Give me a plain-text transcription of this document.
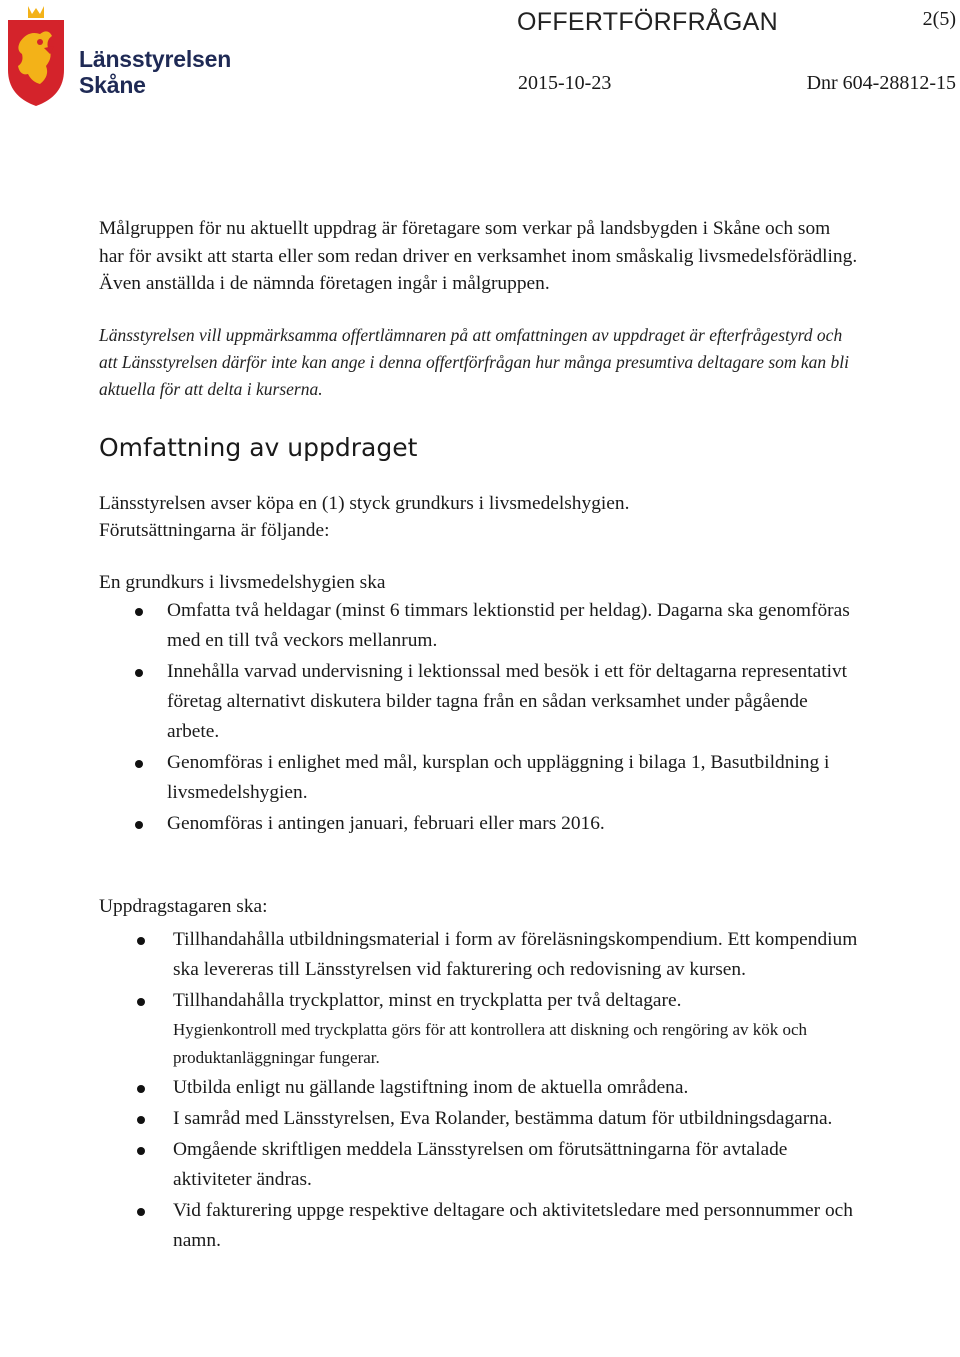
Länsstyrelsen
Skåne
OFFERTFÖRFRÅGAN	2(5)
2015-10-23	Dnr 604-28812-15

Målgruppen för nu aktuellt uppdrag är företagare som verkar på landsbygden i Skåne och som har för avsikt att starta eller som redan driver en verksamhet inom småskalig livsmedelsförädling. Även anställda i de nämnda företagen ingår i målgruppen.

Länsstyrelsen vill uppmärksamma offertlämnaren på att omfattningen av uppdraget är efterfrågestyrd och att Länsstyrelsen därför inte kan ange i denna offertförfrågan hur många presumtiva deltagare som kan bli aktuella för att delta i kurserna.

Omfattning av uppdraget

Länsstyrelsen avser köpa en (1) styck grundkurs i livsmedelshygien.

Förutsättningarna är följande:

En grundkurs i livsmedelshygien ska

Omfatta två heldagar (minst 6 timmars lektionstid per heldag). Dagarna ska genomföras med en till två veckors mellanrum.
Innehålla varvad undervisning i lektionssal med besök i ett för deltagarna representativt företag alternativt diskutera bilder tagna från en sådan verksamhet under pågående arbete.
Genomföras i enlighet med mål, kursplan och uppläggning i bilaga 1, Basutbildning i livsmedelshygien.
Genomföras i antingen januari, februari eller mars 2016.

Uppdragstagaren ska:

Tillhandahålla utbildningsmaterial i form av föreläsningskompendium. Ett kompendium ska levereras till Länsstyrelsen vid fakturering och redovisning av kursen.
Tillhandahålla tryckplattor, minst en tryckplatta per två deltagare.
Hygienkontroll med tryckplatta görs för att kontrollera att diskning och rengöring av kök och produktanläggningar fungerar.
Utbilda enligt nu gällande lagstiftning inom de aktuella områdena.
I samråd med Länsstyrelsen, Eva Rolander, bestämma datum för utbildningsdagarna.
Omgående skriftligen meddela Länsstyrelsen om förutsättningarna för avtalade aktiviteter ändras.
Vid fakturering uppge respektive deltagare och aktivitetsledare med personnummer och namn.
